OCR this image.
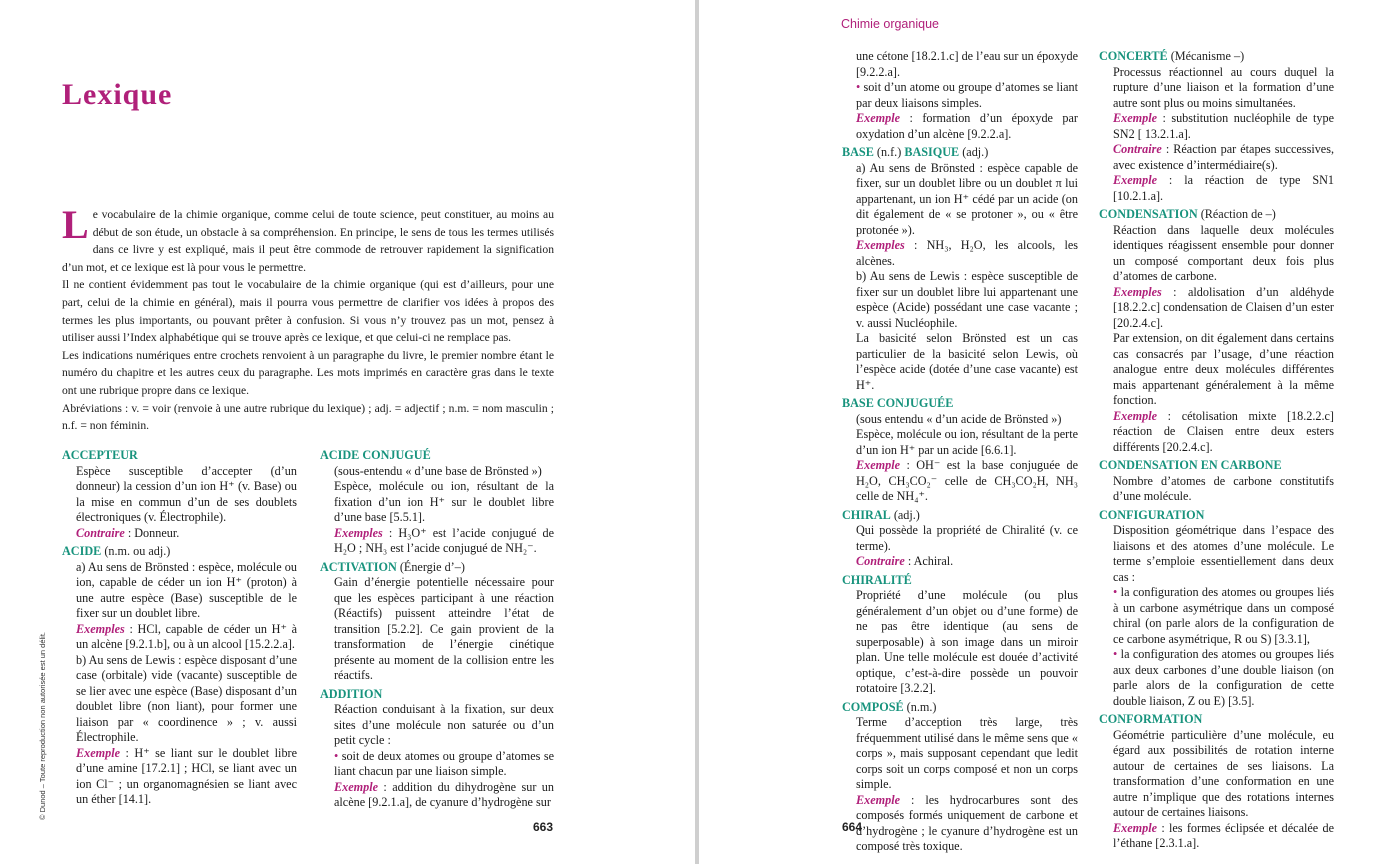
Lexique

Le vocabulaire de la chimie organique, comme celui de toute science, peut constituer, au moins au début de son étude, un obstacle à sa compréhension. En principe, le sens de tous les termes utilisés dans ce livre y est expliqué, mais il peut être commode de retrouver rapidement la signification d’un mot, et ce lexique est là pour vous le permettre.

Il ne contient évidemment pas tout le vocabulaire de la chimie organique (qui est d’ailleurs, pour une part, celui de la chimie en général), mais il pourra vous permettre de clarifier vos idées à propos des termes les plus importants, ou pouvant prêter à confusion. Si vous n’y trouvez pas un mot, pensez à utiliser aussi l’Index alphabétique qui se trouve après ce lexique, et que celui-ci ne remplace pas.

Les indications numériques entre crochets renvoient à un paragraphe du livre, le premier nombre étant le numéro du chapitre et les autres ceux du paragraphe. Les mots imprimés en caractère gras dans le texte ont une rubrique propre dans ce lexique.

Abréviations : v. = voir (renvoie à une autre rubrique du lexique) ; adj. = adjectif ; n.m. = nom masculin ; n.f. = non féminin.

ACCEPTEUR

Espèce susceptible d’accepter (d’un donneur) la cession d’un ion H⁺ (v. Base) ou la mise en commun d’un de ses doublets électroniques (v. Électrophile).

Contraire : Donneur.

ACIDE (n.m. ou adj.)

a) Au sens de Brönsted : espèce, molécule ou ion, capable de céder un ion H⁺ (proton) à une autre espèce (Base) susceptible de le fixer sur un doublet libre.

Exemples : HCl, capable de céder un H⁺ à un alcène [9.2.1.b], ou à un alcool [15.2.2.a].

b) Au sens de Lewis : espèce disposant d’une case (orbitale) vide (vacante) susceptible de se lier avec une espèce (Base) disposant d’un doublet libre (non liant), pour former une liaison par « coordinence » ; v. aussi Électrophile.

Exemple : H⁺ se liant sur le doublet libre d’une amine [17.2.1] ; HCl, se liant avec un ion Cl⁻ ; un organomagnésien se liant avec un éther [14.1].

ACIDE CONJUGUÉ

(sous-entendu « d’une base de Brönsted »)

Espèce, molécule ou ion, résultant de la fixation d’un ion H⁺ sur le doublet libre d’une base [5.5.1].

Exemples : H₃O⁺ est l’acide conjugué de H₂O ; NH₃ est l’acide conjugué de NH₂⁻.

ACTIVATION (Énergie d’–)

Gain d’énergie potentielle nécessaire pour que les espèces participant à une réaction (Réactifs) puissent atteindre l’état de transition [5.2.2]. Ce gain provient de la transformation de l’énergie cinétique présente au moment de la collision entre les réactifs.

ADDITION

Réaction conduisant à la fixation, sur deux sites d’une molécule non saturée ou d’un petit cycle :

• soit de deux atomes ou groupe d’atomes se liant chacun par une liaison simple.

Exemple : addition du dihydrogène sur un alcène [9.2.1.a], de cyanure d’hydrogène sur

© Dunod – Toute reproduction non autorisée est un délit.
663
Chimie organique

une cétone [18.2.1.c] de l’eau sur un époxyde [9.2.2.a].

• soit d’un atome ou groupe d’atomes se liant par deux liaisons simples.

Exemple : formation d’un époxyde par oxydation d’un alcène [9.2.2.a].

BASE (n.f.) BASIQUE (adj.)

a) Au sens de Brönsted : espèce capable de fixer, sur un doublet libre ou un doublet π lui appartenant, un ion H⁺ cédé par un acide (on dit également de « se protoner », ou « être protonée »).

Exemples : NH₃, H₂O, les alcools, les alcènes.

b) Au sens de Lewis : espèce susceptible de fixer sur un doublet libre lui appartenant une espèce (Acide) possédant une case vacante ; v. aussi Nucléophile.

La basicité selon Brönsted est un cas particulier de la basicité selon Lewis, où l’espèce acide (dotée d’une case vacante) est H⁺.

BASE CONJUGUÉE

(sous entendu « d’un acide de Brönsted »)

Espèce, molécule ou ion, résultant de la perte d’un ion H⁺ par un acide [6.6.1].

Exemple : OH⁻ est la base conjuguée de H₂O, CH₃CO₂⁻ celle de CH₃CO₂H, NH₃ celle de NH₄⁺.

CHIRAL (adj.)

Qui possède la propriété de Chiralité (v. ce terme).

Contraire : Achiral.

CHIRALITÉ

Propriété d’une molécule (ou plus généralement d’un objet ou d’une forme) de ne pas être identique (au sens de superposable) à son image dans un miroir plan. Une telle molécule est douée d’activité optique, c’est-à-dire possède un pouvoir rotatoire [3.2.2].

COMPOSÉ (n.m.)

Terme d’acception très large, très fréquemment utilisé dans le même sens que « corps », mais supposant cependant que ledit corps soit un corps composé et non un corps simple.

Exemple : les hydrocarbures sont des composés formés uniquement de carbone et d’hydrogène ; le cyanure d’hydrogène est un composé très toxique.

CONCERTÉ (Mécanisme –)

Processus réactionnel au cours duquel la rupture d’une liaison et la formation d’une autre sont plus ou moins simultanées.

Exemple : substitution nucléophile de type SN2 [ 13.2.1.a].

Contraire : Réaction par étapes successives, avec existence d’intermédiaire(s).

Exemple : la réaction de type SN1 [10.2.1.a].

CONDENSATION (Réaction de –)

Réaction dans laquelle deux molécules identiques réagissent ensemble pour donner un composé comportant deux fois plus d’atomes de carbone.

Exemples : aldolisation d’un aldéhyde [18.2.2.c] condensation de Claisen d’un ester [20.2.4.c].

Par extension, on dit également dans certains cas consacrés par l’usage, d’une réaction analogue entre deux molécules différentes mais appartenant généralement à la même fonction.

Exemple : cétolisation mixte [18.2.2.c] réaction de Claisen entre deux esters différents [20.2.4.c].

CONDENSATION EN CARBONE

Nombre d’atomes de carbone constitutifs d’une molécule.

CONFIGURATION

Disposition géométrique dans l’espace des liaisons et des atomes d’une molécule. Le terme s’emploie essentiellement dans deux cas :

• la configuration des atomes ou groupes liés à un carbone asymétrique dans un composé chiral (on parle alors de la configuration de ce carbone asymétrique, R ou S) [3.3.1],

• la configuration des atomes ou groupes liés aux deux carbones d’une double liaison (on parle alors de la configuration de cette double liaison, Z ou E) [3.5].

CONFORMATION

Géométrie particulière d’une molécule, eu égard aux possibilités de rotation interne autour de certaines de ses liaisons. La transformation d’une conformation en une autre n’implique que des rotations internes autour de certaines liaisons.

Exemple : les formes éclipsée et décalée de l’éthane [2.3.1.a].

664
